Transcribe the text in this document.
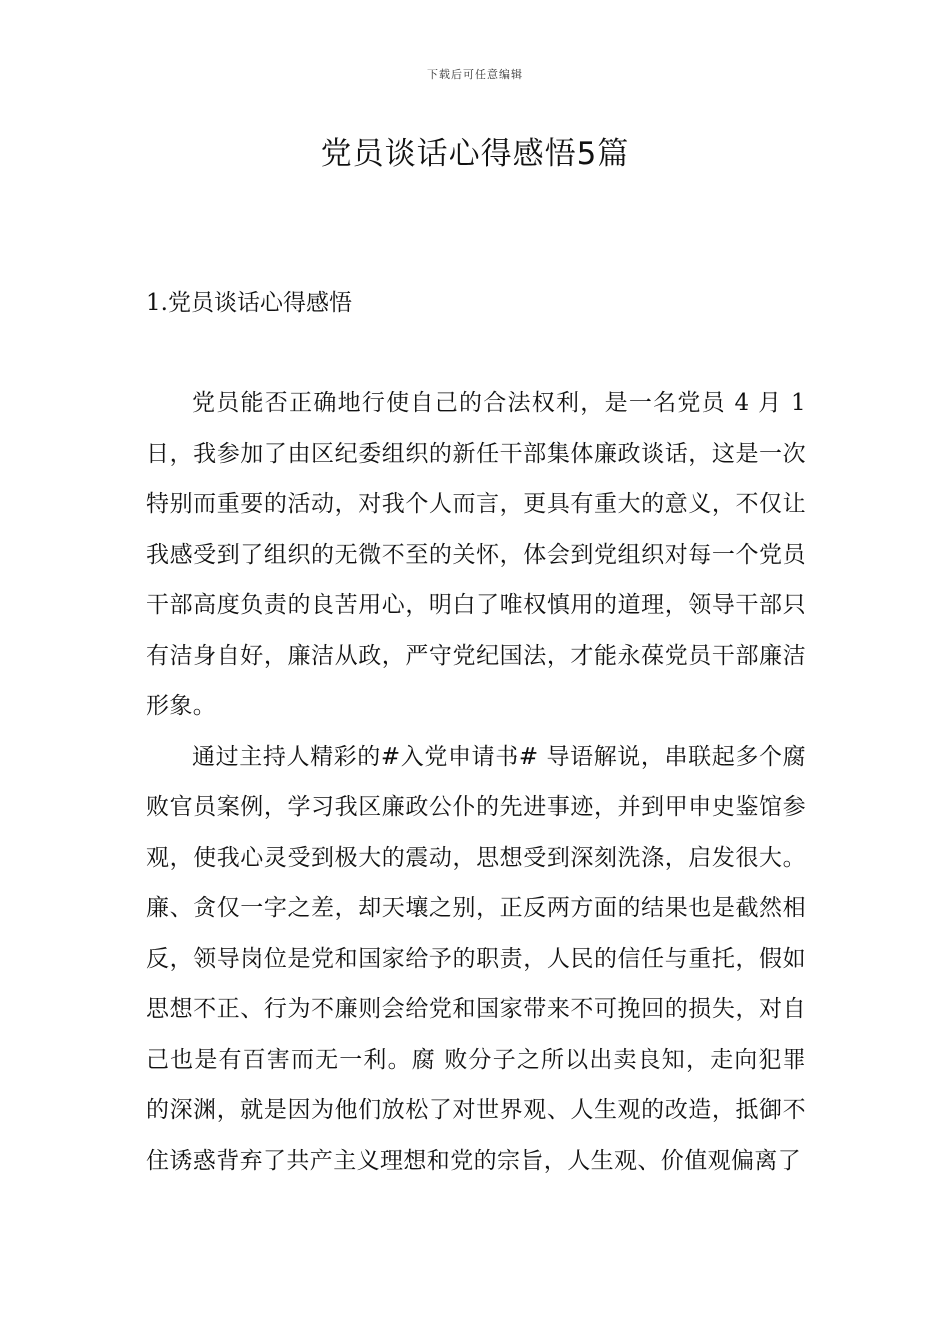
下载后可任意编辑
党员谈话心得感悟5篇
1.党员谈话心得感悟

党员能否正确地行使自己的合法权利，是一名党员 4 月 1 日，我参加了由区纪委组织的新任干部集体廉政谈话，这是一次特别而重要的活动，对我个人而言，更具有重大的意义，不仅让我感受到了组织的无微不至的关怀，体会到党组织对每一个党员干部高度负责的良苦用心，明白了唯权慎用的道理，领导干部只有洁身自好，廉洁从政，严守党纪国法，才能永葆党员干部廉洁形象。

通过主持人精彩的#入党申请书# 导语解说，串联起多个腐 败官员案例，学习我区廉政公仆的先进事迹，并到甲申史鉴馆参观，使我心灵受到极大的震动，思想受到深刻洗涤，启发很大。廉、贪仅一字之差，却天壤之别，正反两方面的结果也是截然相反，领导岗位是党和国家给予的职责，人民的信任与重托，假如思想不正、行为不廉则会给党和国家带来不可挽回的损失，对自己也是有百害而无一利。腐 败分子之所以出卖良知，走向犯罪的深渊，就是因为他们放松了对世界观、人生观的改造，抵御不住诱惑背弃了共产主义理想和党的宗旨，人生观、价值观偏离了
